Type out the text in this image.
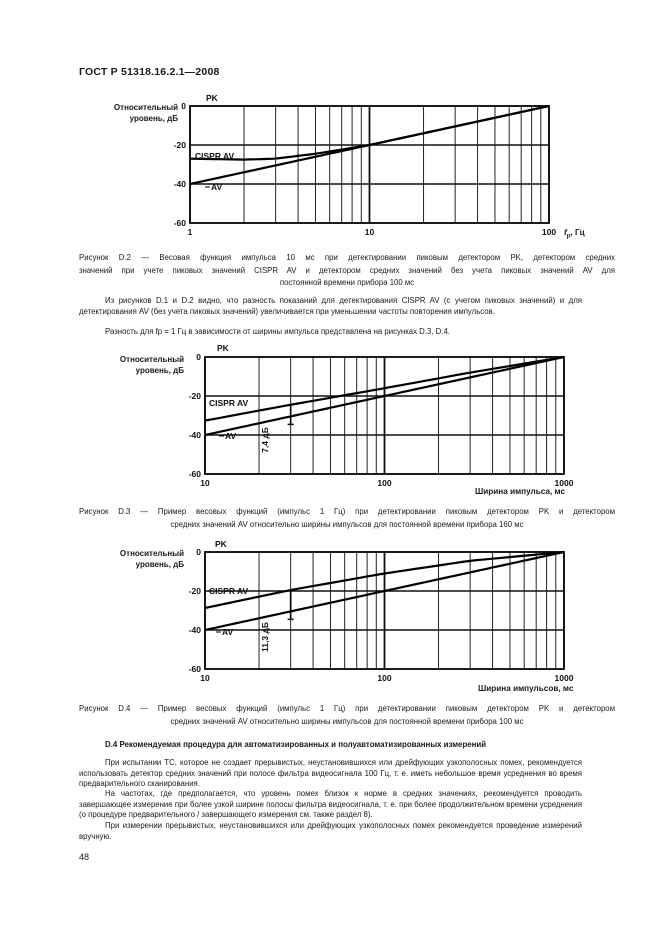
ГОСТ Р 51318.16.2.1—2008
1	10	100
0
-20
-40
-60
PK
CISPR AV
AV
Относительный
уровень, дБ
$f_р$, Гц
Рисунок D.2 — Весовая функция импульса 10 мс при детектировании пиковым детектором PK, детектором средних
значений при учете пиковых значений CISPR AV и детектором средних значений без учета пиковых значений AV для
постоянной времени прибора 100 мс
Из рисунков D.1 и D.2 видно, что разность показаний для детектирования CISPR AV (с учетом пиковых значений) и для детектирования AV (без учета пиковых значений) увеличивается при уменьшении частоты повторения импульсов.
Разность для fр = 1 Гц в зависимости от ширины импульса представлена на рисунках D.3, D.4.
10	100	1000
0
-20
-40
-60
PK
CISPR AV
AV	7,4 дБ
Относительный
уровень, дБ
Ширина импульса, мс
Рисунок D.3 — Пример весовых функций (импульс 1 Гц) при детектировании пиковым детектором PK и детектором
средних значений AV относительно ширины импульсов для постоянной времени прибора 160 мс
10	100	1000
0
-20
-40
-60
PK
CISPR AV
AV	11,3 дБ
Относительный
уровень, дБ
Ширина импульсов, мс
Рисунок D.4 — Пример весовых функций (импульс 1 Гц) при детектировании пиковым детектором PK и детектором
средних значений AV относительно ширины импульсов для постоянной времени прибора 100 мс
D.4 Рекомендуемая процедура для автоматизированных и полуавтоматизированных измерений
При испытании ТС, которое не создает прерывистых, неустановившихся или дрейфующих узкополосных помех, рекомендуется использовать детектор средних значений при полосе фильтра видеосигнала 100 Гц, т. е. иметь небольшое время усреднения во время предварительного сканирования.
На частотах, где предполагается, что уровень помех близок к норме в средних значениях, рекомендуется проводить завершающее измерение при более узкой ширине полосы фильтра видеосигнала, т. е. при более продолжительном времени усреднения (о процедуре предварительного / завершающего измерения см. также раздел 8).
При измерении прерывистых, неустановившихся или дрейфующих узкополосных помех рекомендуется проведение измерений вручную.
48
